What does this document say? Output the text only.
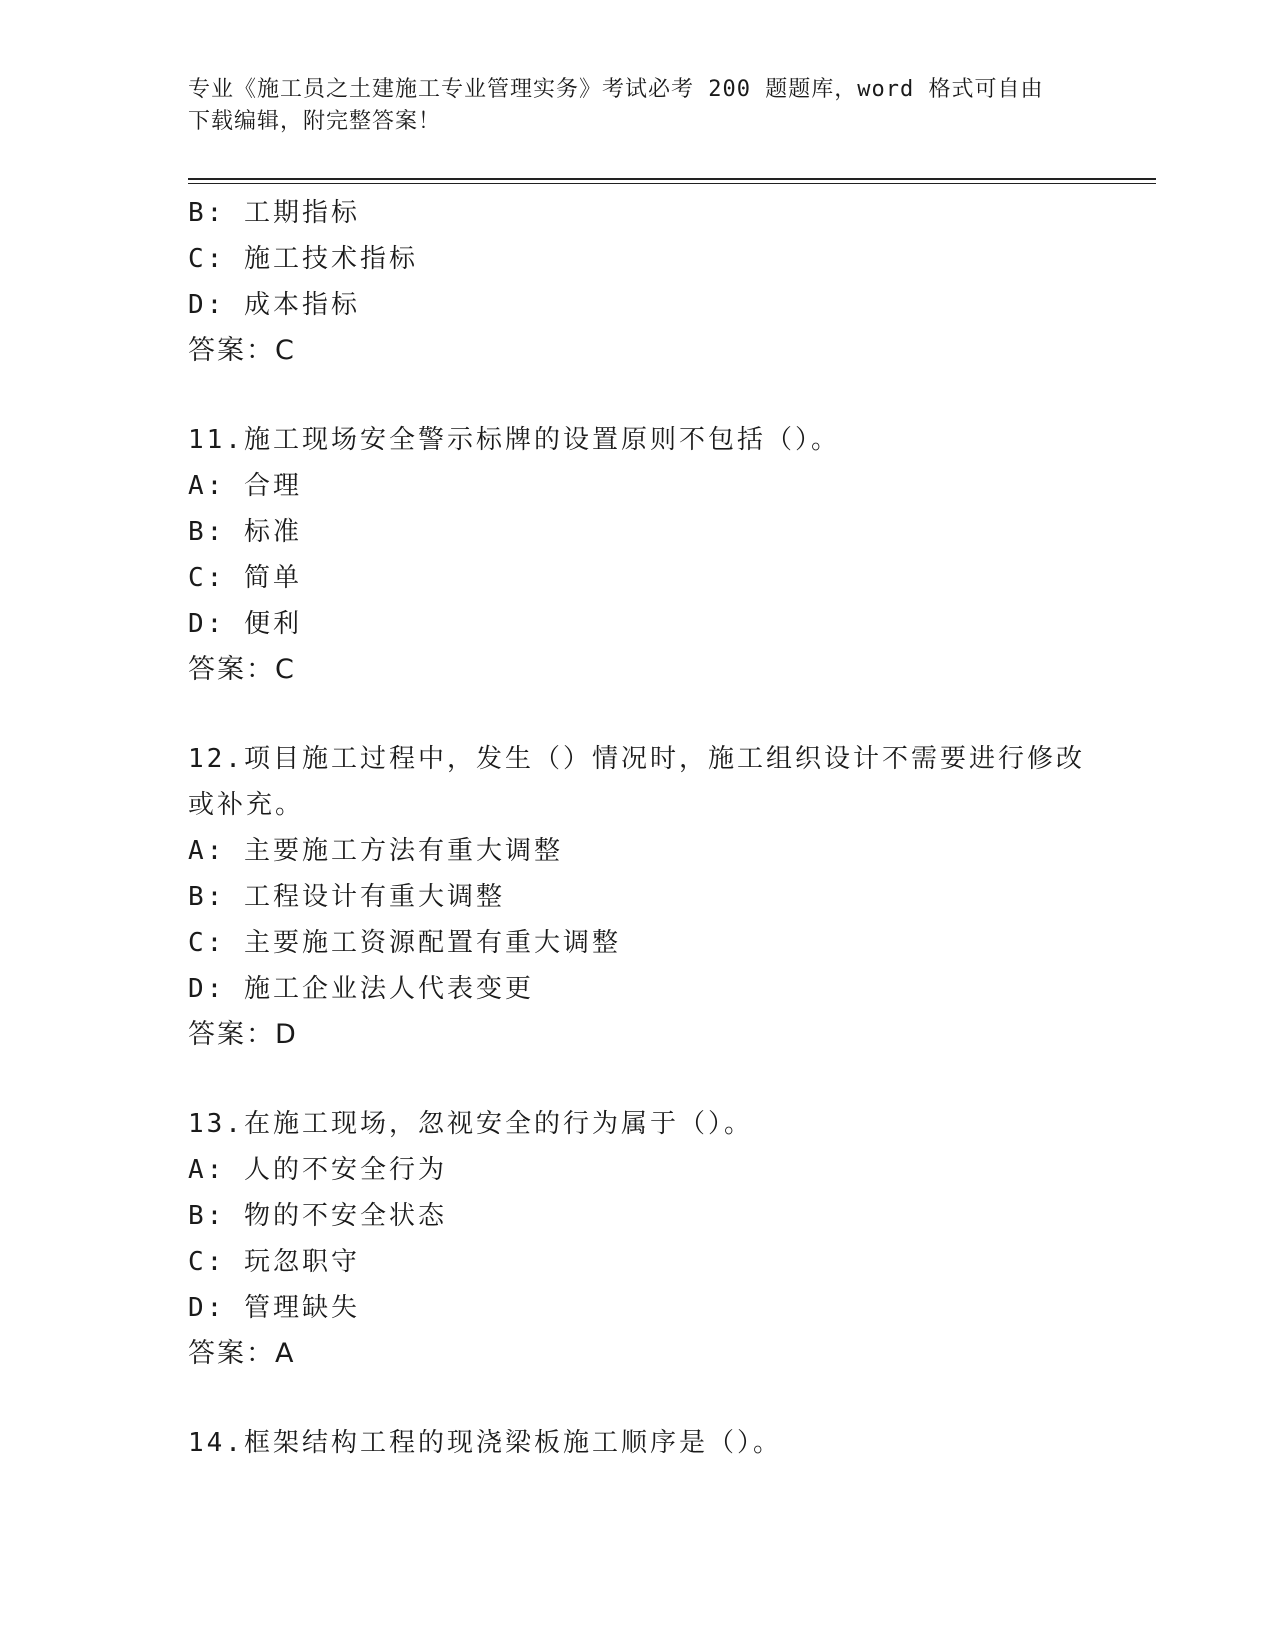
专业《施工员之土建施工专业管理实务》考试必考 200 题题库，word 格式可自由
下载编辑，附完整答案！
B: 工期指标
C: 施工技术指标
D: 成本指标
答案：C
11.施工现场安全警示标牌的设置原则不包括（）。
A: 合理
B: 标准
C: 简单
D: 便利
答案：C
12.项目施工过程中，发生（）情况时，施工组织设计不需要进行修改
或补充。
A: 主要施工方法有重大调整
B: 工程设计有重大调整
C: 主要施工资源配置有重大调整
D: 施工企业法人代表变更
答案：D
13.在施工现场，忽视安全的行为属于（）。
A: 人的不安全行为
B: 物的不安全状态
C: 玩忽职守
D: 管理缺失
答案：A
14.框架结构工程的现浇梁板施工顺序是（）。
